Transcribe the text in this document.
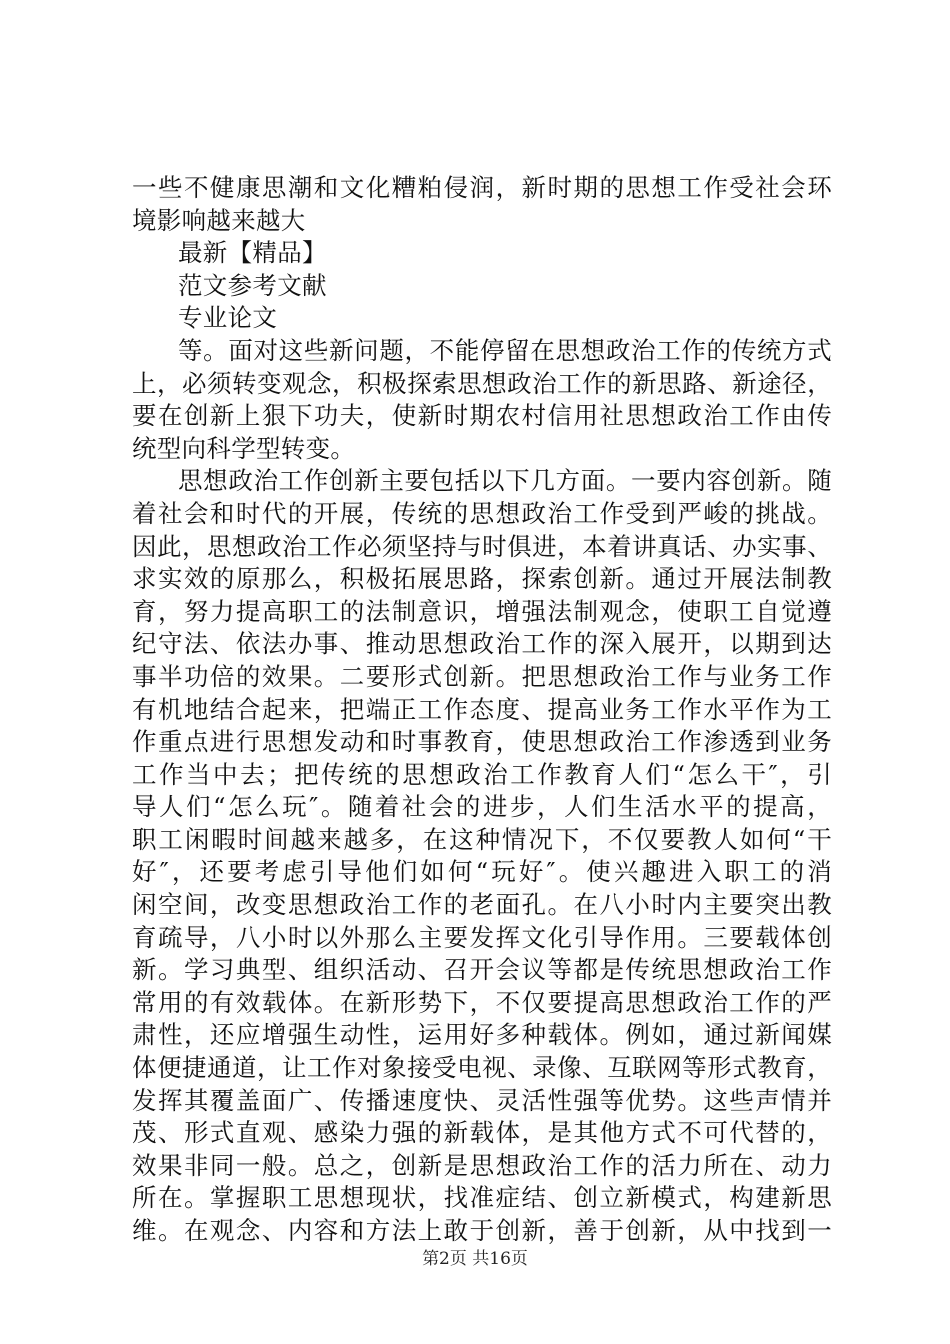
一些不健康思潮和文化糟粕侵润，新时期的思想工作受社会环
境影响越来越大
最新【精品】
范文参考文献
专业论文
等。面对这些新问题，不能停留在思想政治工作的传统方式
上，必须转变观念，积极探索思想政治工作的新思路、新途径，
要在创新上狠下功夫，使新时期农村信用社思想政治工作由传
统型向科学型转变。
思想政治工作创新主要包括以下几方面。一要内容创新。随
着社会和时代的开展，传统的思想政治工作受到严峻的挑战。
因此，思想政治工作必须坚持与时俱进，本着讲真话、办实事、
求实效的原那么，积极拓展思路，探索创新。通过开展法制教
育，努力提高职工的法制意识，增强法制观念，使职工自觉遵
纪守法、依法办事、推动思想政治工作的深入展开，以期到达
事半功倍的效果。二要形式创新。把思想政治工作与业务工作
有机地结合起来，把端正工作态度、提高业务工作水平作为工
作重点进行思想发动和时事教育，使思想政治工作渗透到业务
工作当中去；把传统的思想政治工作教育人们“怎么干″，引
导人们“怎么玩″。随着社会的进步，人们生活水平的提高，
职工闲暇时间越来越多，在这种情况下，不仅要教人如何“干
好″，还要考虑引导他们如何“玩好″。使兴趣进入职工的消
闲空间，改变思想政治工作的老面孔。在八小时内主要突出教
育疏导，八小时以外那么主要发挥文化引导作用。三要载体创
新。学习典型、组织活动、召开会议等都是传统思想政治工作
常用的有效载体。在新形势下，不仅要提高思想政治工作的严
肃性，还应增强生动性，运用好多种载体。例如，通过新闻媒
体便捷通道，让工作对象接受电视、录像、互联网等形式教育，
发挥其覆盖面广、传播速度快、灵活性强等优势。这些声情并
茂、形式直观、感染力强的新载体，是其他方式不可代替的，
效果非同一般。总之，创新是思想政治工作的活力所在、动力
所在。掌握职工思想现状，找准症结、创立新模式，构建新思
维。在观念、内容和方法上敢于创新，善于创新，从中找到一
第2页 共16页
